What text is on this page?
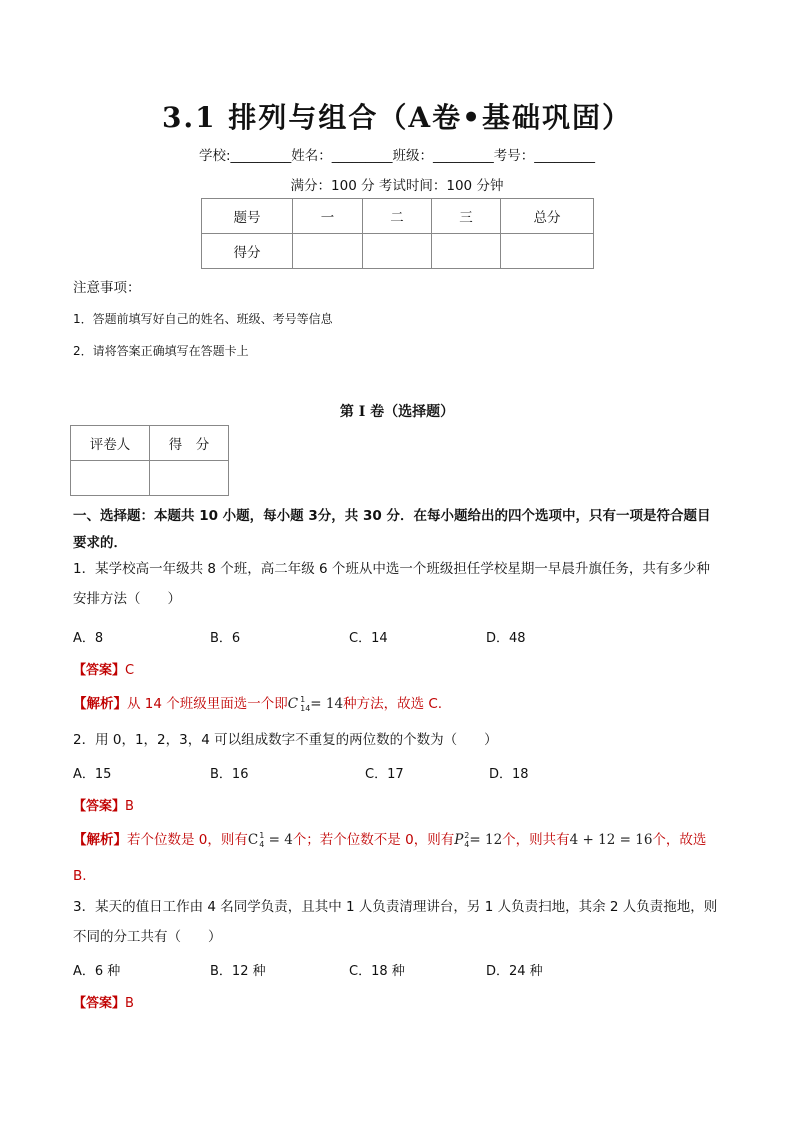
3.1 排列与组合（A卷•基础巩固）
学校:_________姓名：_________班级：_________考号：_________
满分：100 分 考试时间：100 分钟
题号	一	二	三	总分
得分				
注意事项：
1．答题前填写好自己的姓名、班级、考号等信息
2．请将答案正确填写在答题卡上
第 I 卷（选择题）
评卷人	得　分

一、选择题：本题共 10 小题，每小题 3分，共 30 分．在每小题给出的四个选项中，只有一项是符合题目要求的．
1．某学校高一年级共 8 个班，高二年级 6 个班从中选一个班级担任学校星期一早晨升旗任务，共有多少种安排方法（　　）
A．8	B．6	C．14	D．48
【答案】C
【解析】从 14 个班级里面选一个即C 1
14 = 14种方法，故选 C.
2．用 0，1，2，3，4 可以组成数字不重复的两位数的个数为（　　）
A．15	B．16	C．17	D．18
【答案】B
【解析】若个位数是 0，则有C 1
4 = 4个；若个位数不是 0，则有P 2
4 = 12个，则共有4 + 12 = 16个，故选
B.
3．某天的值日工作由 4 名同学负责，且其中 1 人负责清理讲台，另 1 人负责扫地，其余 2 人负责拖地，则不同的分工共有（　　）
A．6 种	B．12 种	C．18 种	D．24 种
【答案】B
